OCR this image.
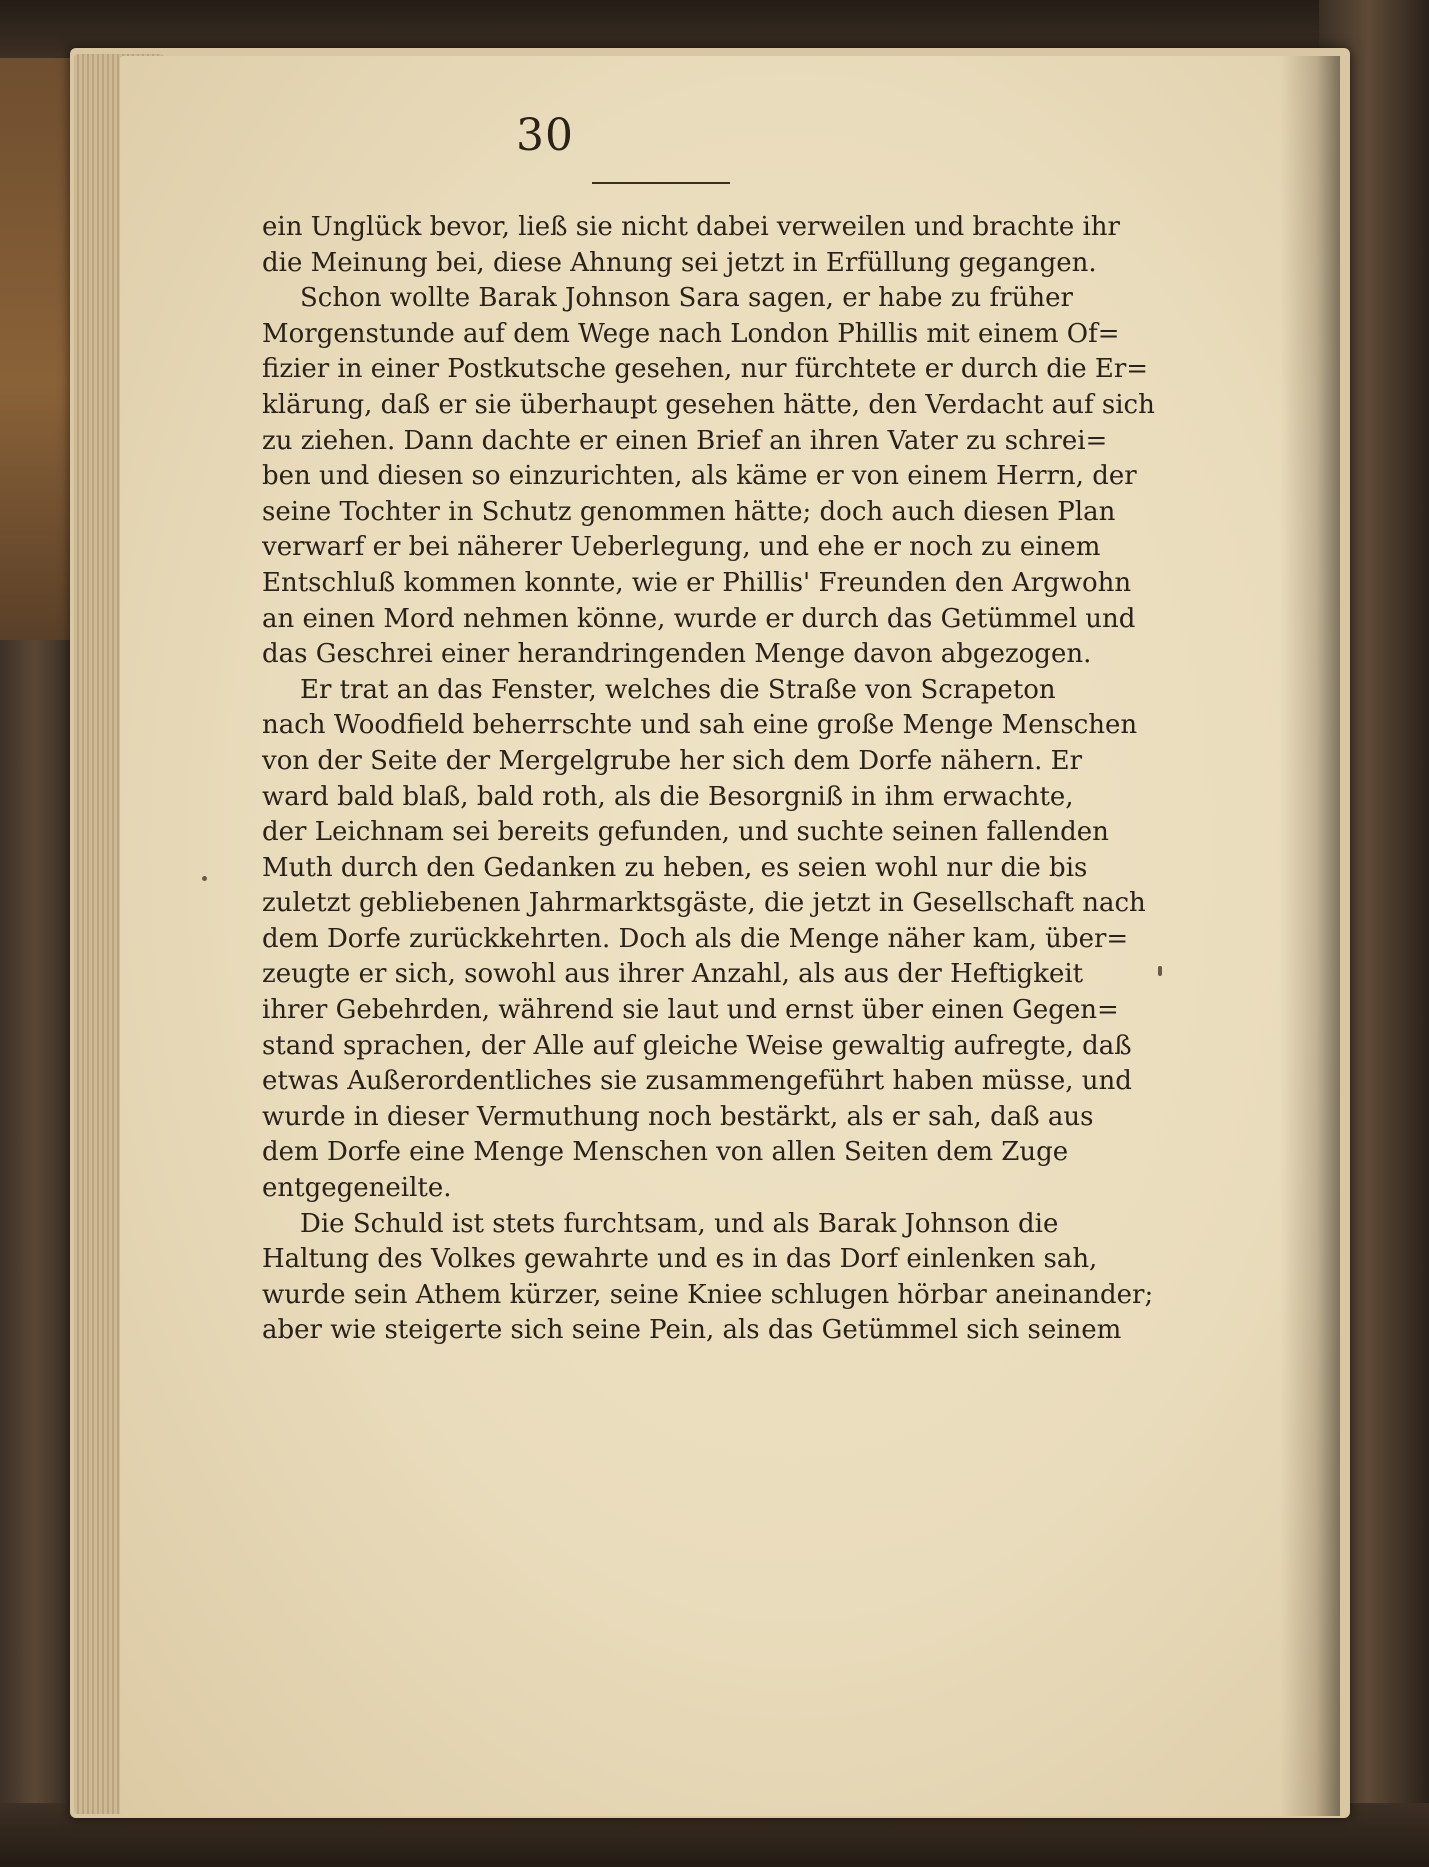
30
ein Unglück bevor, ließ sie nicht dabei verweilen und brachte ihr
die Meinung bei, diese Ahnung sei jetzt in Erfüllung gegangen.
Schon wollte Barak Johnson Sara sagen, er habe zu früher
Morgenstunde auf dem Wege nach London Phillis mit einem Of=
fizier in einer Postkutsche gesehen, nur fürchtete er durch die Er=
klärung, daß er sie überhaupt gesehen hätte, den Verdacht auf sich
zu ziehen. Dann dachte er einen Brief an ihren Vater zu schrei=
ben und diesen so einzurichten, als käme er von einem Herrn, der
seine Tochter in Schutz genommen hätte; doch auch diesen Plan
verwarf er bei näherer Ueberlegung, und ehe er noch zu einem
Entschluß kommen konnte, wie er Phillis' Freunden den Argwohn
an einen Mord nehmen könne, wurde er durch das Getümmel und
das Geschrei einer herandringenden Menge davon abgezogen.
Er trat an das Fenster, welches die Straße von Scrapeton
nach Woodfield beherrschte und sah eine große Menge Menschen
von der Seite der Mergelgrube her sich dem Dorfe nähern. Er
ward bald blaß, bald roth, als die Besorgniß in ihm erwachte,
der Leichnam sei bereits gefunden, und suchte seinen fallenden
Muth durch den Gedanken zu heben, es seien wohl nur die bis
zuletzt gebliebenen Jahrmarktsgäste, die jetzt in Gesellschaft nach
dem Dorfe zurückkehrten. Doch als die Menge näher kam, über=
zeugte er sich, sowohl aus ihrer Anzahl, als aus der Heftigkeit
ihrer Gebehrden, während sie laut und ernst über einen Gegen=
stand sprachen, der Alle auf gleiche Weise gewaltig aufregte, daß
etwas Außerordentliches sie zusammengeführt haben müsse, und
wurde in dieser Vermuthung noch bestärkt, als er sah, daß aus
dem Dorfe eine Menge Menschen von allen Seiten dem Zuge
entgegeneilte.
Die Schuld ist stets furchtsam, und als Barak Johnson die
Haltung des Volkes gewahrte und es in das Dorf einlenken sah,
wurde sein Athem kürzer, seine Kniee schlugen hörbar aneinander;
aber wie steigerte sich seine Pein, als das Getümmel sich seinem
